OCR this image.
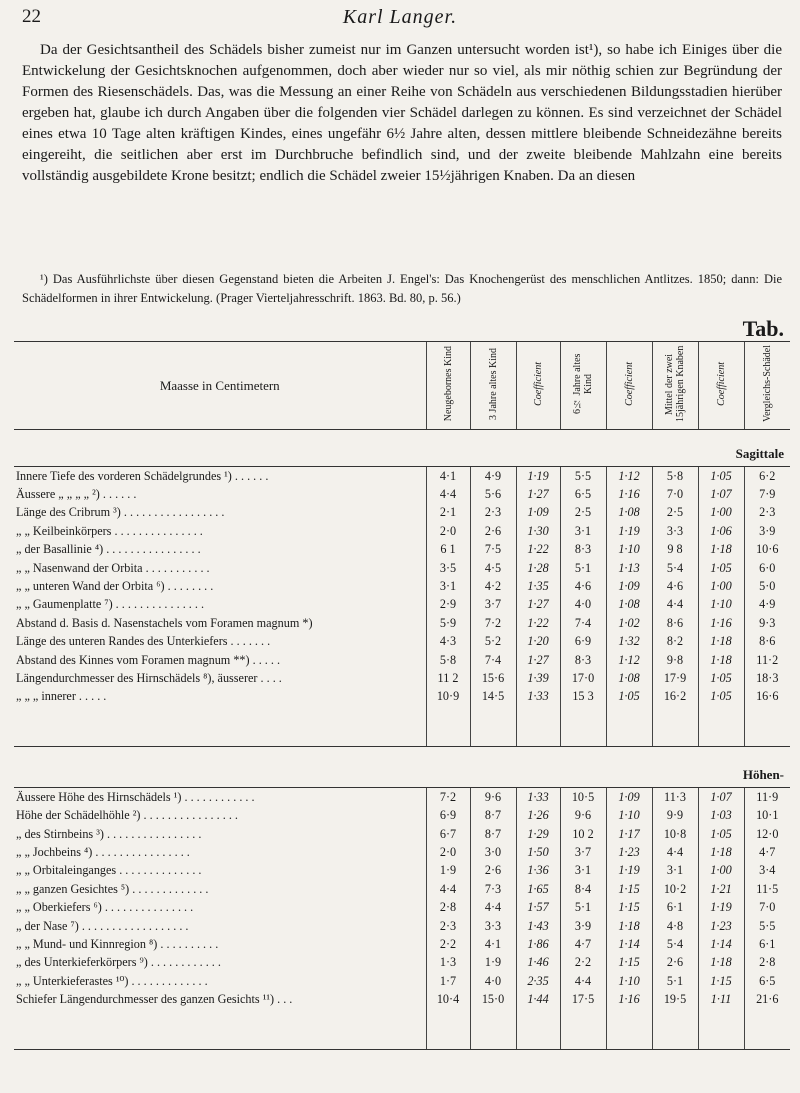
22	Karl Langer.

Da der Gesichtsantheil des Schädels bisher zumeist nur im Ganzen untersucht worden ist¹), so habe ich Einiges über die Entwickelung der Gesichtsknochen aufgenommen, doch aber wieder nur so viel, als mir nöthig schien zur Begründung der Formen des Riesenschädels. Das, was die Messung an einer Reihe von Schädeln aus verschiedenen Bildungsstadien hierüber ergeben hat, glaube ich durch Angaben über die folgenden vier Schädel darlegen zu können. Es sind verzeichnet der Schädel eines etwa 10 Tage alten kräftigen Kindes, eines ungefähr 6½ Jahre alten, dessen mittlere bleibende Schneidezähne bereits eingereiht, die seitlichen aber erst im Durchbruche befindlich sind, und der zweite bleibende Mahlzahn eine bereits vollständig ausgebildete Krone besitzt; endlich die Schädel zweier 15½jährigen Knaben. Da an diesen

¹) Das Ausführlichste über diesen Gegenstand bieten die Arbeiten J. Engel's: Das Knochengerüst des menschlichen Antlitzes. 1850; dann: Die Schädelformen in ihrer Entwickelung. (Prager Vierteljahresschrift. 1863. Bd. 80, p. 56.)
Tab.
Maasse in Centimetern	Neugebornes Kind	3 Jahre altes Kind	Coefficient	6½ Jahre altes Kind	Coefficient	Mittel der zwei 15jährigen Knaben	Coefficient	Vergleichs-Schädel
Sagittale								
Innere Tiefe des vorderen Schädelgrundes ¹) . . . . . .	4·1	4·9	1·19	5·5	1·12	5·8	1·05	6·2
Äussere „ „ „ „ ²) . . . . . .	4·4	5·6	1·27	6·5	1·16	7·0	1·07	7·9
Länge des Cribrum ³) . . . . . . . . . . . . . . . . .	2·1	2·3	1·09	2·5	1·08	2·5	1·00	2·3
„ „ Keilbeinkörpers . . . . . . . . . . . . . . .	2·0	2·6	1·30	3·1	1·19	3·3	1·06	3·9
„ der Basallinie ⁴) . . . . . . . . . . . . . . . .	6 1	7·5	1·22	8·3	1·10	9 8	1·18	10·6
„ „ Nasenwand der Orbita . . . . . . . . . . .	3·5	4·5	1·28	5·1	1·13	5·4	1·05	6·0
„ „ unteren Wand der Orbita ⁶) . . . . . . . .	3·1	4·2	1·35	4·6	1·09	4·6	1·00	5·0
„ „ Gaumenplatte ⁷) . . . . . . . . . . . . . . .	2·9	3·7	1·27	4·0	1·08	4·4	1·10	4·9
Abstand d. Basis d. Nasenstachels vom Foramen magnum *)	5·9	7·2	1·22	7·4	1·02	8·6	1·16	9·3
Länge des unteren Randes des Unterkiefers . . . . . . .	4·3	5·2	1·20	6·9	1·32	8·2	1·18	8·6
Abstand des Kinnes vom Foramen magnum **) . . . . .	5·8	7·4	1·27	8·3	1·12	9·8	1·18	11·2
Längendurchmesser des Hirnschädels ⁸), äusserer . . . .	11 2	15·6	1·39	17·0	1·08	17·9	1·05	18·3
„ „ „ innerer . . . . .	10·9	14·5	1·33	15 3	1·05	16·2	1·05	16·6

Höhen-								
Äussere Höhe des Hirnschädels ¹) . . . . . . . . . . . .	7·2	9·6	1·33	10·5	1·09	11·3	1·07	11·9
Höhe der Schädelhöhle ²) . . . . . . . . . . . . . . . .	6·9	8·7	1·26	9·6	1·10	9·9	1·03	10·1
„ des Stirnbeins ³) . . . . . . . . . . . . . . . .	6·7	8·7	1·29	10 2	1·17	10·8	1·05	12·0
„ „ Jochbeins ⁴) . . . . . . . . . . . . . . . .	2·0	3·0	1·50	3·7	1·23	4·4	1·18	4·7
„ „ Orbitaleinganges . . . . . . . . . . . . . .	1·9	2·6	1·36	3·1	1·19	3·1	1·00	3·4
„ „ ganzen Gesichtes ⁵) . . . . . . . . . . . . .	4·4	7·3	1·65	8·4	1·15	10·2	1·21	11·5
„ „ Oberkiefers ⁶) . . . . . . . . . . . . . . .	2·8	4·4	1·57	5·1	1·15	6·1	1·19	7·0
„ der Nase ⁷) . . . . . . . . . . . . . . . . . .	2·3	3·3	1·43	3·9	1·18	4·8	1·23	5·5
„ „ Mund- und Kinnregion ⁸) . . . . . . . . . .	2·2	4·1	1·86	4·7	1·14	5·4	1·14	6·1
„ des Unterkieferkörpers ⁹) . . . . . . . . . . . .	1·3	1·9	1·46	2·2	1·15	2·6	1·18	2·8
„ „ Unterkieferastes ¹⁰) . . . . . . . . . . . . .	1·7	4·0	2·35	4·4	1·10	5·1	1·15	6·5
Schiefer Längendurchmesser des ganzen Gesichts ¹¹) . . .	10·4	15·0	1·44	17·5	1·16	19·5	1·11	21·6
